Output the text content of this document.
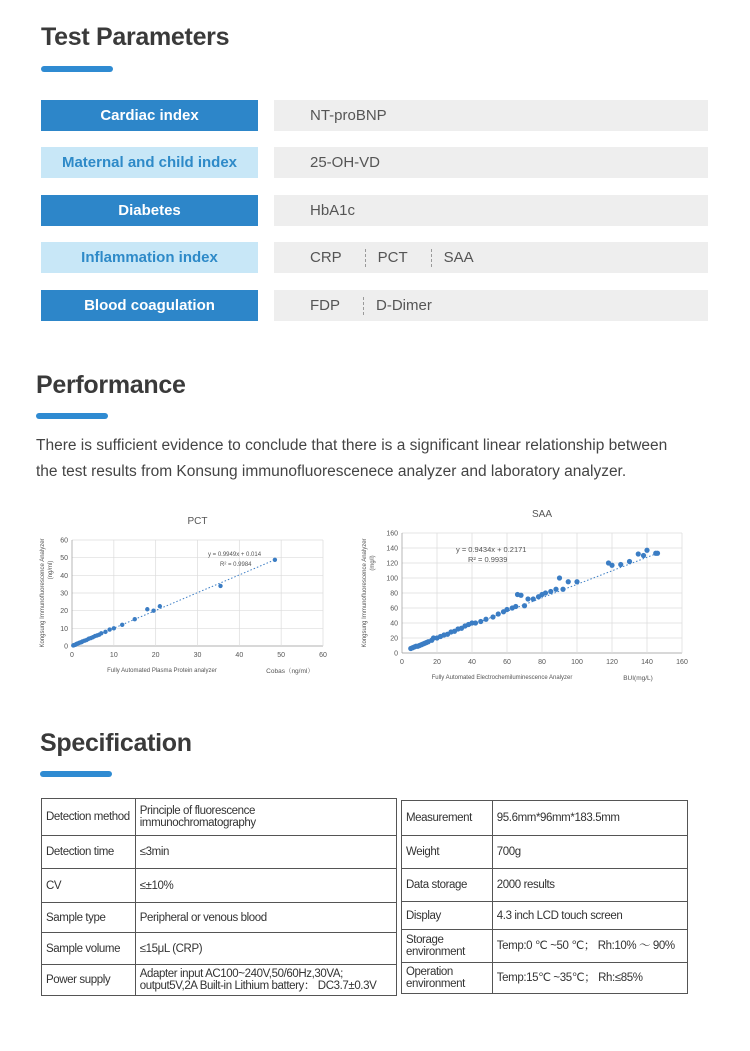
Test Parameters
Cardiac index	NT-proBNP
Maternal and child index	25-OH-VD
Diabetes	HbA1c
Inflammation index	CRP PCT SAA
Blood coagulation	FDP D-Dimer
Performance
There is sufficient evidence to conclude that there is a significant linear relationship between
the test results from Konsung immunofluorescenece analyzer and laboratory analyzer.
PCT
0
10
20
30
40
50
60
0	10	20	30	40	50	60
Kongsung Immunofluorescence Analyzer (ng/ml)
Fully Automated Plasma Protein analyzer	Cobas（ng/ml）
y = 0.9949x + 0.014
R² = 0.9984
SAA
0
20
40
60
80
100
120
140
160
0	20	40	60	80	100	120	140	160
Kongsung Immunofluorescence Analyzer (mg/l)
Fully Automated Electrochemiluminescence Analyzer	BUI(mg/L)
y = 0.9434x + 0.2171
R² = 0.9939
Specification
Detection method	Principle of fluorescence
immunochromatography

Detection time	≤3min

CV	≤±10%

Sample type	Peripheral or venous blood

Sample volume	≤15μL (CRP)

Power supply	Adapter input AC100~240V,50/60Hz,30VA;
output5V,2A Built-in Lithium battery： DC3.7±0.3V
Measurement	95.6mm*96mm*183.5mm

Weight	700g

Data storage	2000 results

Display	4.3 inch LCD touch screen

Storage
environment	Temp:0 ℃ ~50 ℃； Rh:10% ～ 90%

Operation
environment	Temp:15℃ ~35℃； Rh:≤85%
